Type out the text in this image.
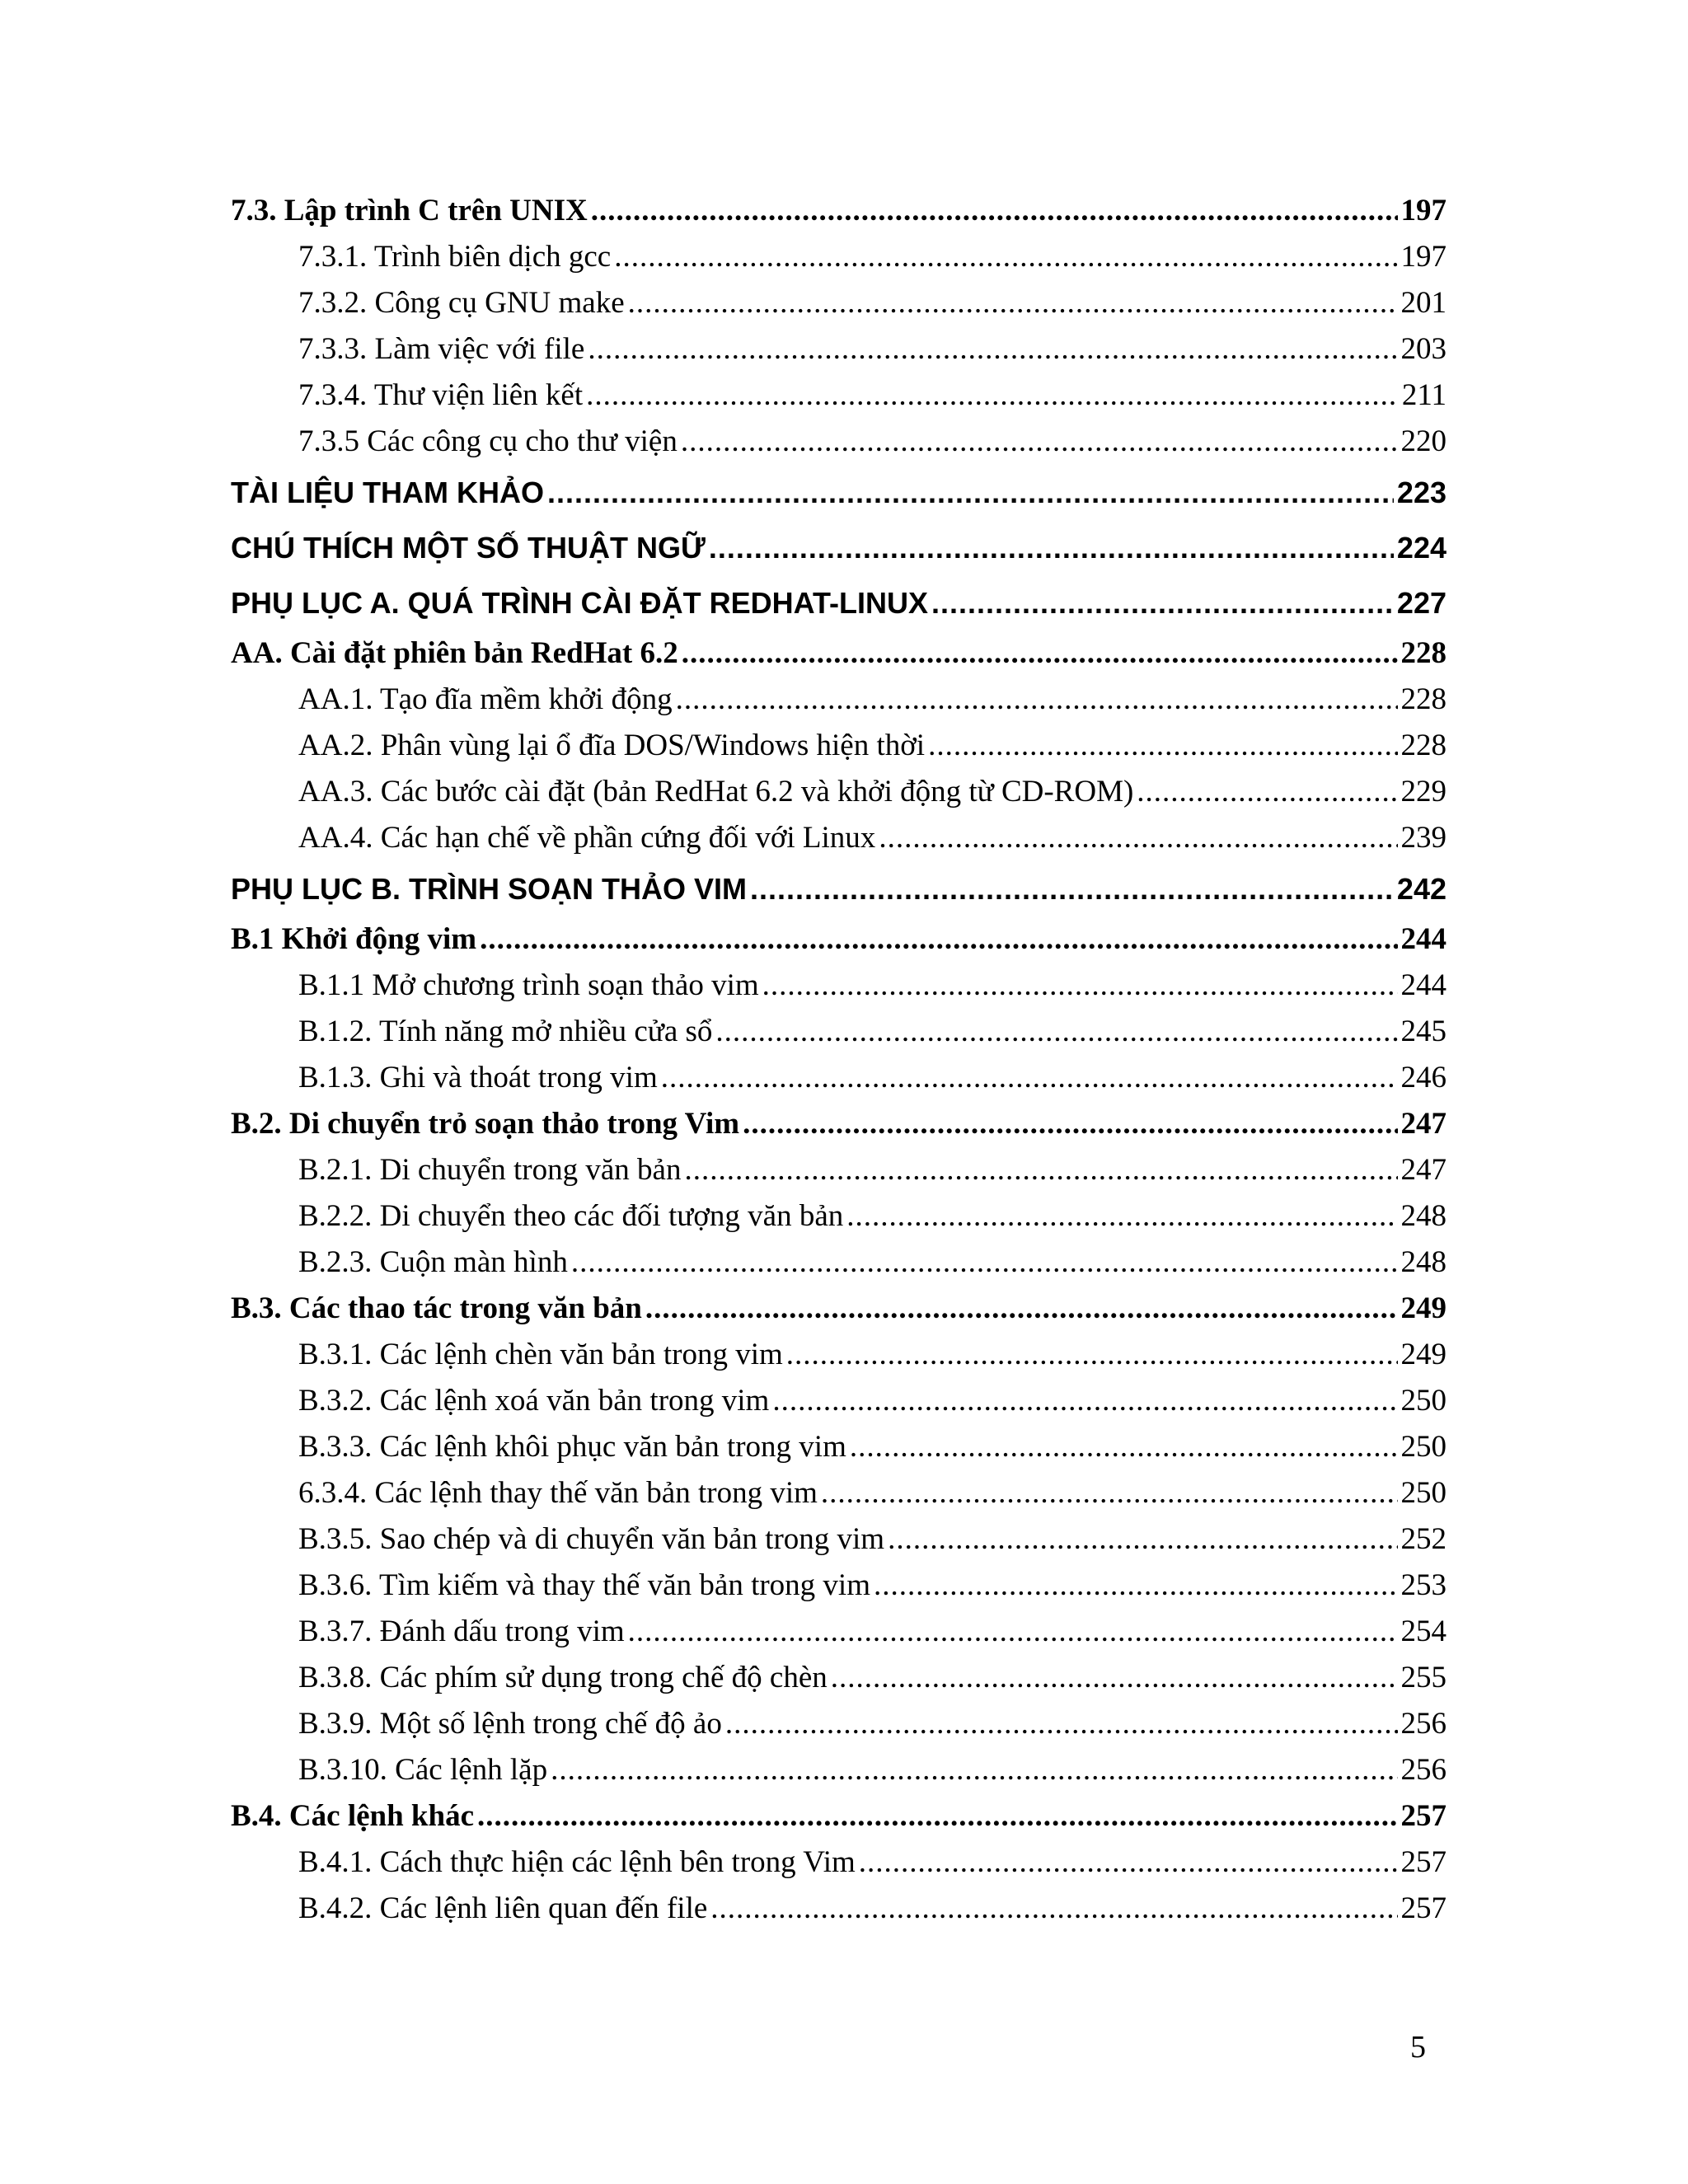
7.3. Lập trình C trên UNIX .....	197
7.3.1. Trình biên dịch gcc .....	197
7.3.2. Công cụ GNU make .....	201
7.3.3. Làm việc với file .....	203
7.3.4. Thư viện liên kết .....	211
7.3.5 Các công cụ cho thư viện .....	220
TÀI LIỆU THAM KHẢO .....	223
CHÚ THÍCH MỘT SỐ THUẬT NGỮ .....	224
PHỤ LỤC A. QUÁ TRÌNH CÀI ĐẶT REDHAT-LINUX .....	227
AA. Cài đặt phiên bản RedHat 6.2 .....	228
AA.1. Tạo đĩa mềm khởi động .....	228
AA.2. Phân vùng lại ổ đĩa DOS/Windows hiện thời .....	228
AA.3. Các bước cài đặt (bản RedHat 6.2 và khởi động từ CD-ROM) .....	229
AA.4. Các hạn chế về phần cứng đối với Linux .....	239
PHỤ LỤC B. TRÌNH SOẠN THẢO VIM .....	242
B.1 Khởi động vim .....	244
B.1.1 Mở chương trình soạn thảo vim .....	244
B.1.2. Tính năng mở nhiều cửa sổ .....	245
B.1.3. Ghi và thoát trong vim .....	246
B.2. Di chuyển trỏ soạn thảo trong Vim .....	247
B.2.1. Di chuyển trong văn bản .....	247
B.2.2. Di chuyển theo các đối tượng văn bản .....	248
B.2.3. Cuộn màn hình .....	248
B.3. Các thao tác trong văn bản .....	249
B.3.1. Các lệnh chèn văn bản trong vim .....	249
B.3.2. Các lệnh xoá văn bản trong vim .....	250
B.3.3. Các lệnh khôi phục văn bản trong vim .....	250
6.3.4. Các lệnh thay thế văn bản trong vim .....	250
B.3.5. Sao chép và di chuyển văn bản trong vim .....	252
B.3.6. Tìm kiếm và thay thế văn bản trong vim .....	253
B.3.7. Đánh dấu trong vim .....	254
B.3.8. Các phím sử dụng trong chế độ chèn .....	255
B.3.9. Một số lệnh trong chế độ ảo .....	256
B.3.10. Các lệnh lặp .....	256
B.4. Các lệnh khác .....	257
B.4.1. Cách thực hiện các lệnh bên trong Vim .....	257
B.4.2. Các lệnh liên quan đến file .....	257
5
